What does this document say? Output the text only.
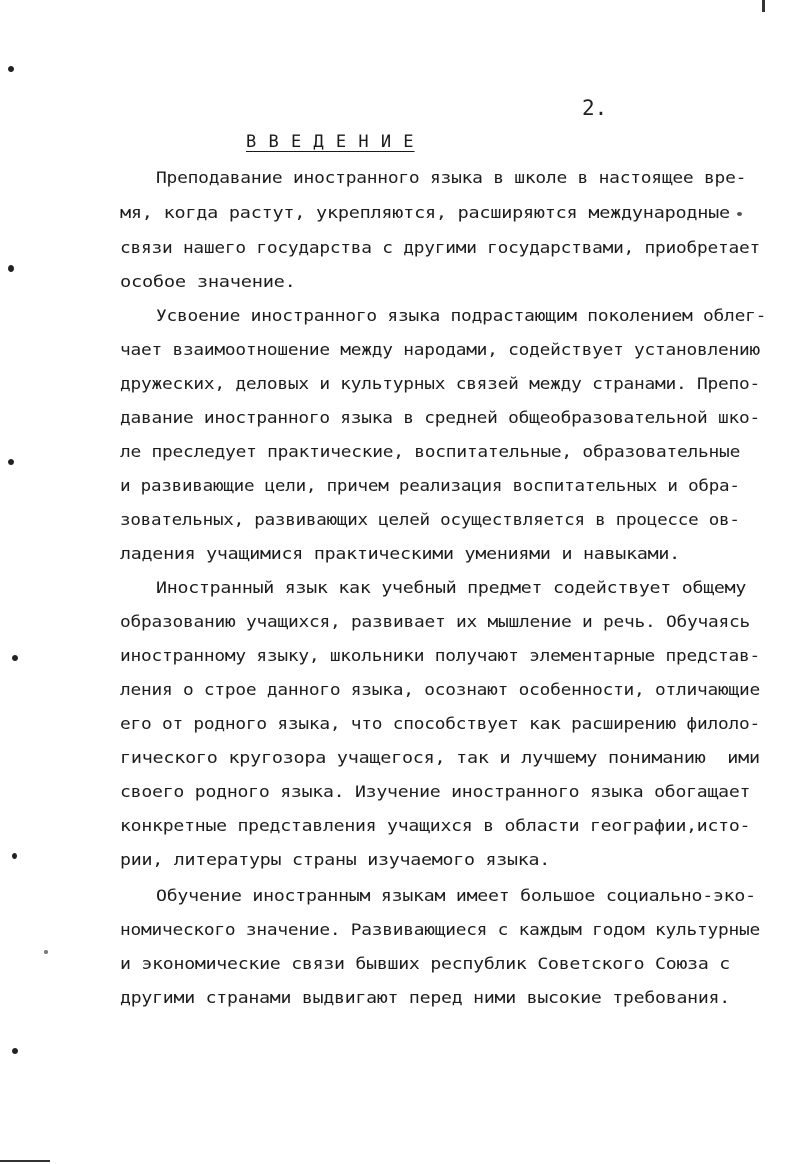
2.
В В Е Д Е Н И Е
Преподавание иностранного языка в школе в настоящее вре-
мя, когда растут, укрепляются, расширяются международные
связи нашего государства с другими государствами, приобретает
особое значение.
Усвоение иностранного языка подрастающим поколением облег-
чает взаимоотношение между народами, содействует установлению
дружеских, деловых и культурных связей между странами. Препо-
давание иностранного языка в средней общеобразовательной шко-
ле преследует практические, воспитательные, образовательные
и развивающие цели, причем реализация воспитательных и обра-
зовательных, развивающих целей осуществляется в процессе ов-
ладения учащимися практическими умениями и навыками.
Иностранный язык как учебный предмет содействует общему
образованию учащихся, развивает их мышление и речь. Обучаясь
иностранному языку, школьники получают элементарные представ-
ления о строе данного языка, осознают особенности, отличающие
его от родного языка, что способствует как расширению филоло-
гического кругозора учащегося, так и лучшему пониманию  ими
своего родного языка. Изучение иностранного языка обогащает
конкретные представления учащихся в области географии,исто-
рии, литературы страны изучаемого языка.
Обучение иностранным языкам имеет большое социально-эко-
номического значение. Развивающиеся с каждым годом культурные
и экономические связи бывших республик Советского Союза с
другими странами выдвигают перед ними высокие требования.
